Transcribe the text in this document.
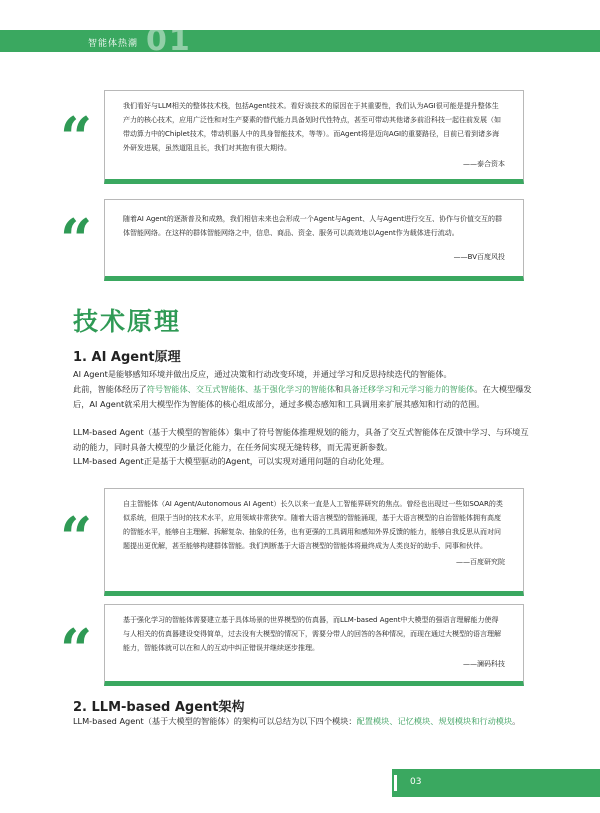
智能体热潮 01
“	我们看好与LLM相关的整体技术栈，包括Agent技术。看好该技术的原因在于其重要性，我们认为AGI很可能是提升整体生产力的核心技术，应用广泛性和对生产要素的替代能力具备划时代性特点，甚至可带动其他诸多前沿科技一起往前发展（如带动算力中的Chiplet技术，带动机器人中的具身智能技术，等等）。而Agent将是迈向AGI的重要路径，目前已看到诸多海外研发进展，虽然道阻且长，我们对其抱有很大期待。

——泰合资本
“	随着AI Agent的逐渐普及和成熟，我们相信未来也会形成一个Agent与Agent、人与Agent进行交互、协作与价值交互的群体智能网络。在这样的群体智能网络之中，信息、商品、资金、服务可以高效地以Agent作为载体进行流动。

——BV百度风投
技术原理
1. AI Agent原理

AI Agent是能够感知环境并做出反应，通过决策和行动改变环境，并通过学习和反思持续迭代的智能体。

此前，智能体经历了符号智能体、交互式智能体、基于强化学习的智能体和具备迁移学习和元学习能力的智能体。在大模型爆发后，AI Agent就采用大模型作为智能体的核心组成部分，通过多模态感知和工具调用来扩展其感知和行动的范围。

LLM-based Agent（基于大模型的智能体）集中了符号智能体推理规划的能力，具备了交互式智能体在反馈中学习、与环境互动的能力，同时具备大模型的少量泛化能力，在任务间实现无缝转移，而无需更新参数。

LLM-based Agent正是基于大模型驱动的Agent，可以实现对通用问题的自动化处理。

“

自主智能体（AI Agent/Autonomous AI Agent）长久以来一直是人工智能界研究的焦点。曾经也出现过一些如SOAR的类似系统，但限于当时的技术水平，应用领域非常狭窄。随着大语言模型的智能涌现，基于大语言模型的自治智能体拥有高度的智能水平，能够自主理解、拆解复杂、抽象的任务，也有更强的工具调用和感知外界反馈的能力，能够自我反思从而对问题提出更优解，甚至能够构建群体智能。我们判断基于大语言模型的智能体将最终成为人类良好的助手、同事和伙伴。

——百度研究院
“	基于强化学习的智能体需要建立基于具体场景的世界模型的仿真器，而LLM-based Agent中大模型的强语言理解能力使得与人相关的仿真器建设变得简单，过去没有大模型的情况下，需要分带人的回答的各种情况，而现在通过大模型的语言理解能力，智能体就可以在和人的互动中纠正错误并继续逐步推理。

——澜码科技
2. LLM-based Agent架构

LLM-based Agent（基于大模型的智能体）的架构可以总结为以下四个模块：配置模块、记忆模块、规划模块和行动模块。

03
